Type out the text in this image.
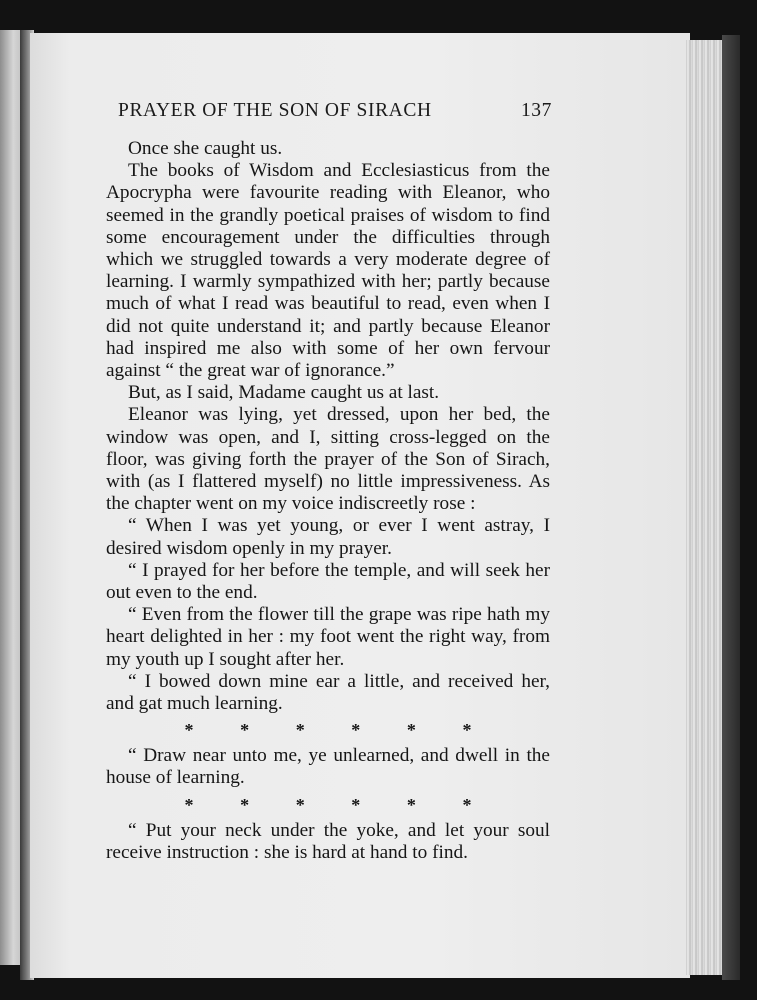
PRAYER OF THE SON OF SIRACH	137

Once she caught us.

The books of Wisdom and Ecclesiasticus from the Apocrypha were favourite reading with Eleanor, who seemed in the grandly poetical praises of wisdom to find some encouragement under the difficulties through which we struggled towards a very moderate degree of learning. I warmly sympathized with her; partly because much of what I read was beautiful to read, even when I did not quite understand it; and partly because Eleanor had inspired me also with some of her own fervour against “ the great war of ignorance.”

But, as I said, Madame caught us at last.

Eleanor was lying, yet dressed, upon her bed, the window was open, and I, sitting cross-legged on the floor, was giving forth the prayer of the Son of Sirach, with (as I flattered myself) no little impressiveness. As the chapter went on my voice indiscreetly rose :

“ When I was yet young, or ever I went astray, I desired wisdom openly in my prayer.

“ I prayed for her before the temple, and will seek her out even to the end.

“ Even from the flower till the grape was ripe hath my heart delighted in her : my foot went the right way, from my youth up I sought after her.

“ I bowed down mine ear a little, and received her, and gat much learning.

*	*	*	*	*	*

“ Draw near unto me, ye unlearned, and dwell in the house of learning.

*	*	*	*	*	*

“ Put your neck under the yoke, and let your soul receive instruction : she is hard at hand to find.
